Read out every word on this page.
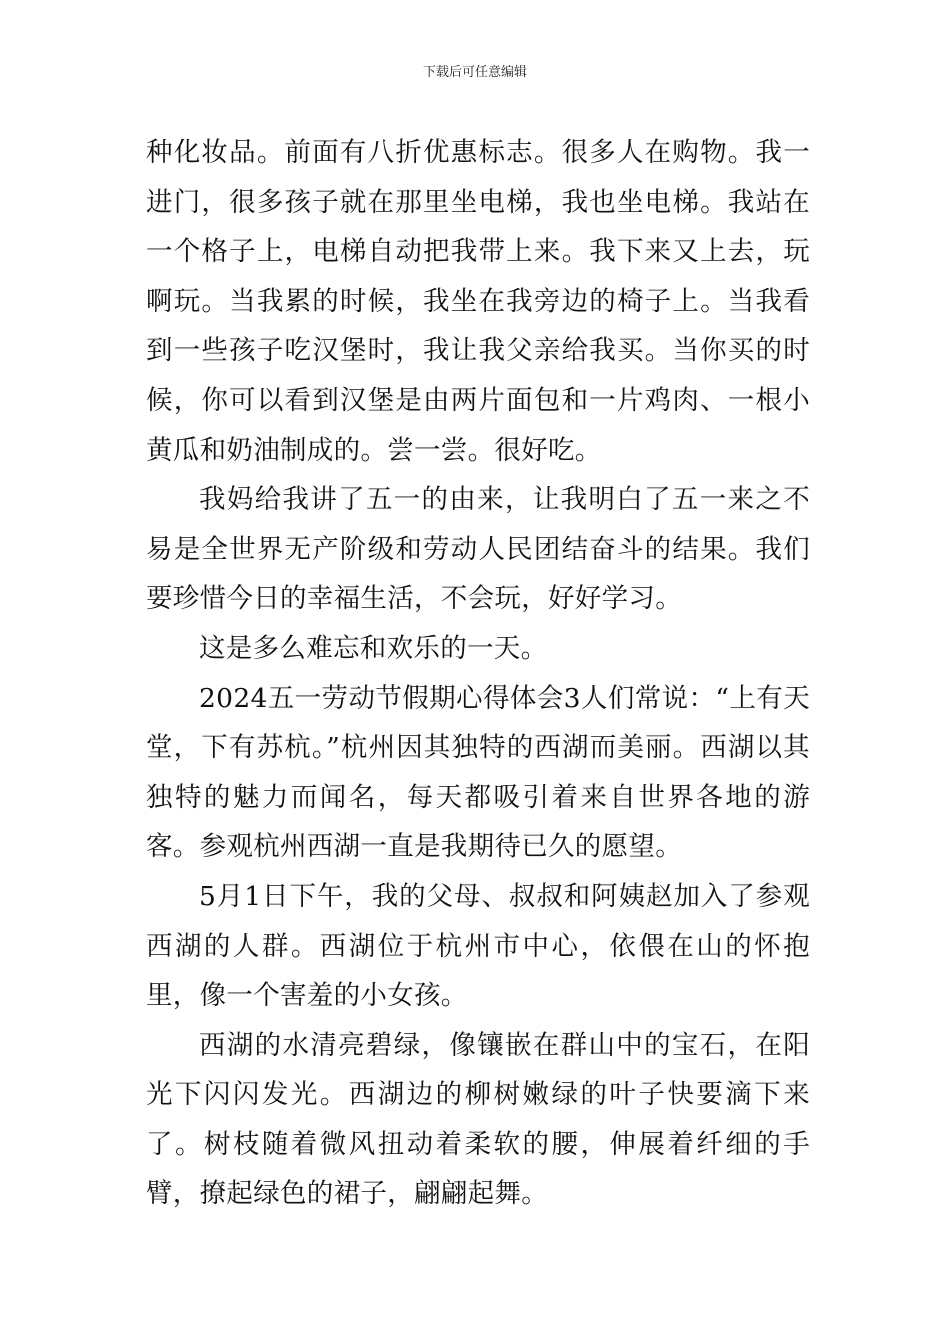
下载后可任意编辑

种化妆品。前面有八折优惠标志。很多人在购物。我一进门，很多孩子就在那里坐电梯，我也坐电梯。我站在一个格子上，电梯自动把我带上来。我下来又上去，玩啊玩。当我累的时候，我坐在我旁边的椅子上。当我看到一些孩子吃汉堡时，我让我父亲给我买。当你买的时候，你可以看到汉堡是由两片面包和一片鸡肉、一根小黄瓜和奶油制成的。尝一尝。很好吃。

我妈给我讲了五一的由来，让我明白了五一来之不易是全世界无产阶级和劳动人民团结奋斗的结果。我们要珍惜今日的幸福生活，不会玩，好好学习。

这是多么难忘和欢乐的一天。

2024五一劳动节假期心得体会3人们常说：“上有天堂，下有苏杭。”杭州因其独特的西湖而美丽。西湖以其独特的魅力而闻名，每天都吸引着来自世界各地的游客。参观杭州西湖一直是我期待已久的愿望。

5月1日下午，我的父母、叔叔和阿姨赵加入了参观西湖的人群。西湖位于杭州市中心，依偎在山的怀抱里，像一个害羞的小女孩。

西湖的水清亮碧绿，像镶嵌在群山中的宝石，在阳光下闪闪发光。西湖边的柳树嫩绿的叶子快要滴下来了。树枝随着微风扭动着柔软的腰，伸展着纤细的手臂，撩起绿色的裙子，翩翩起舞。
